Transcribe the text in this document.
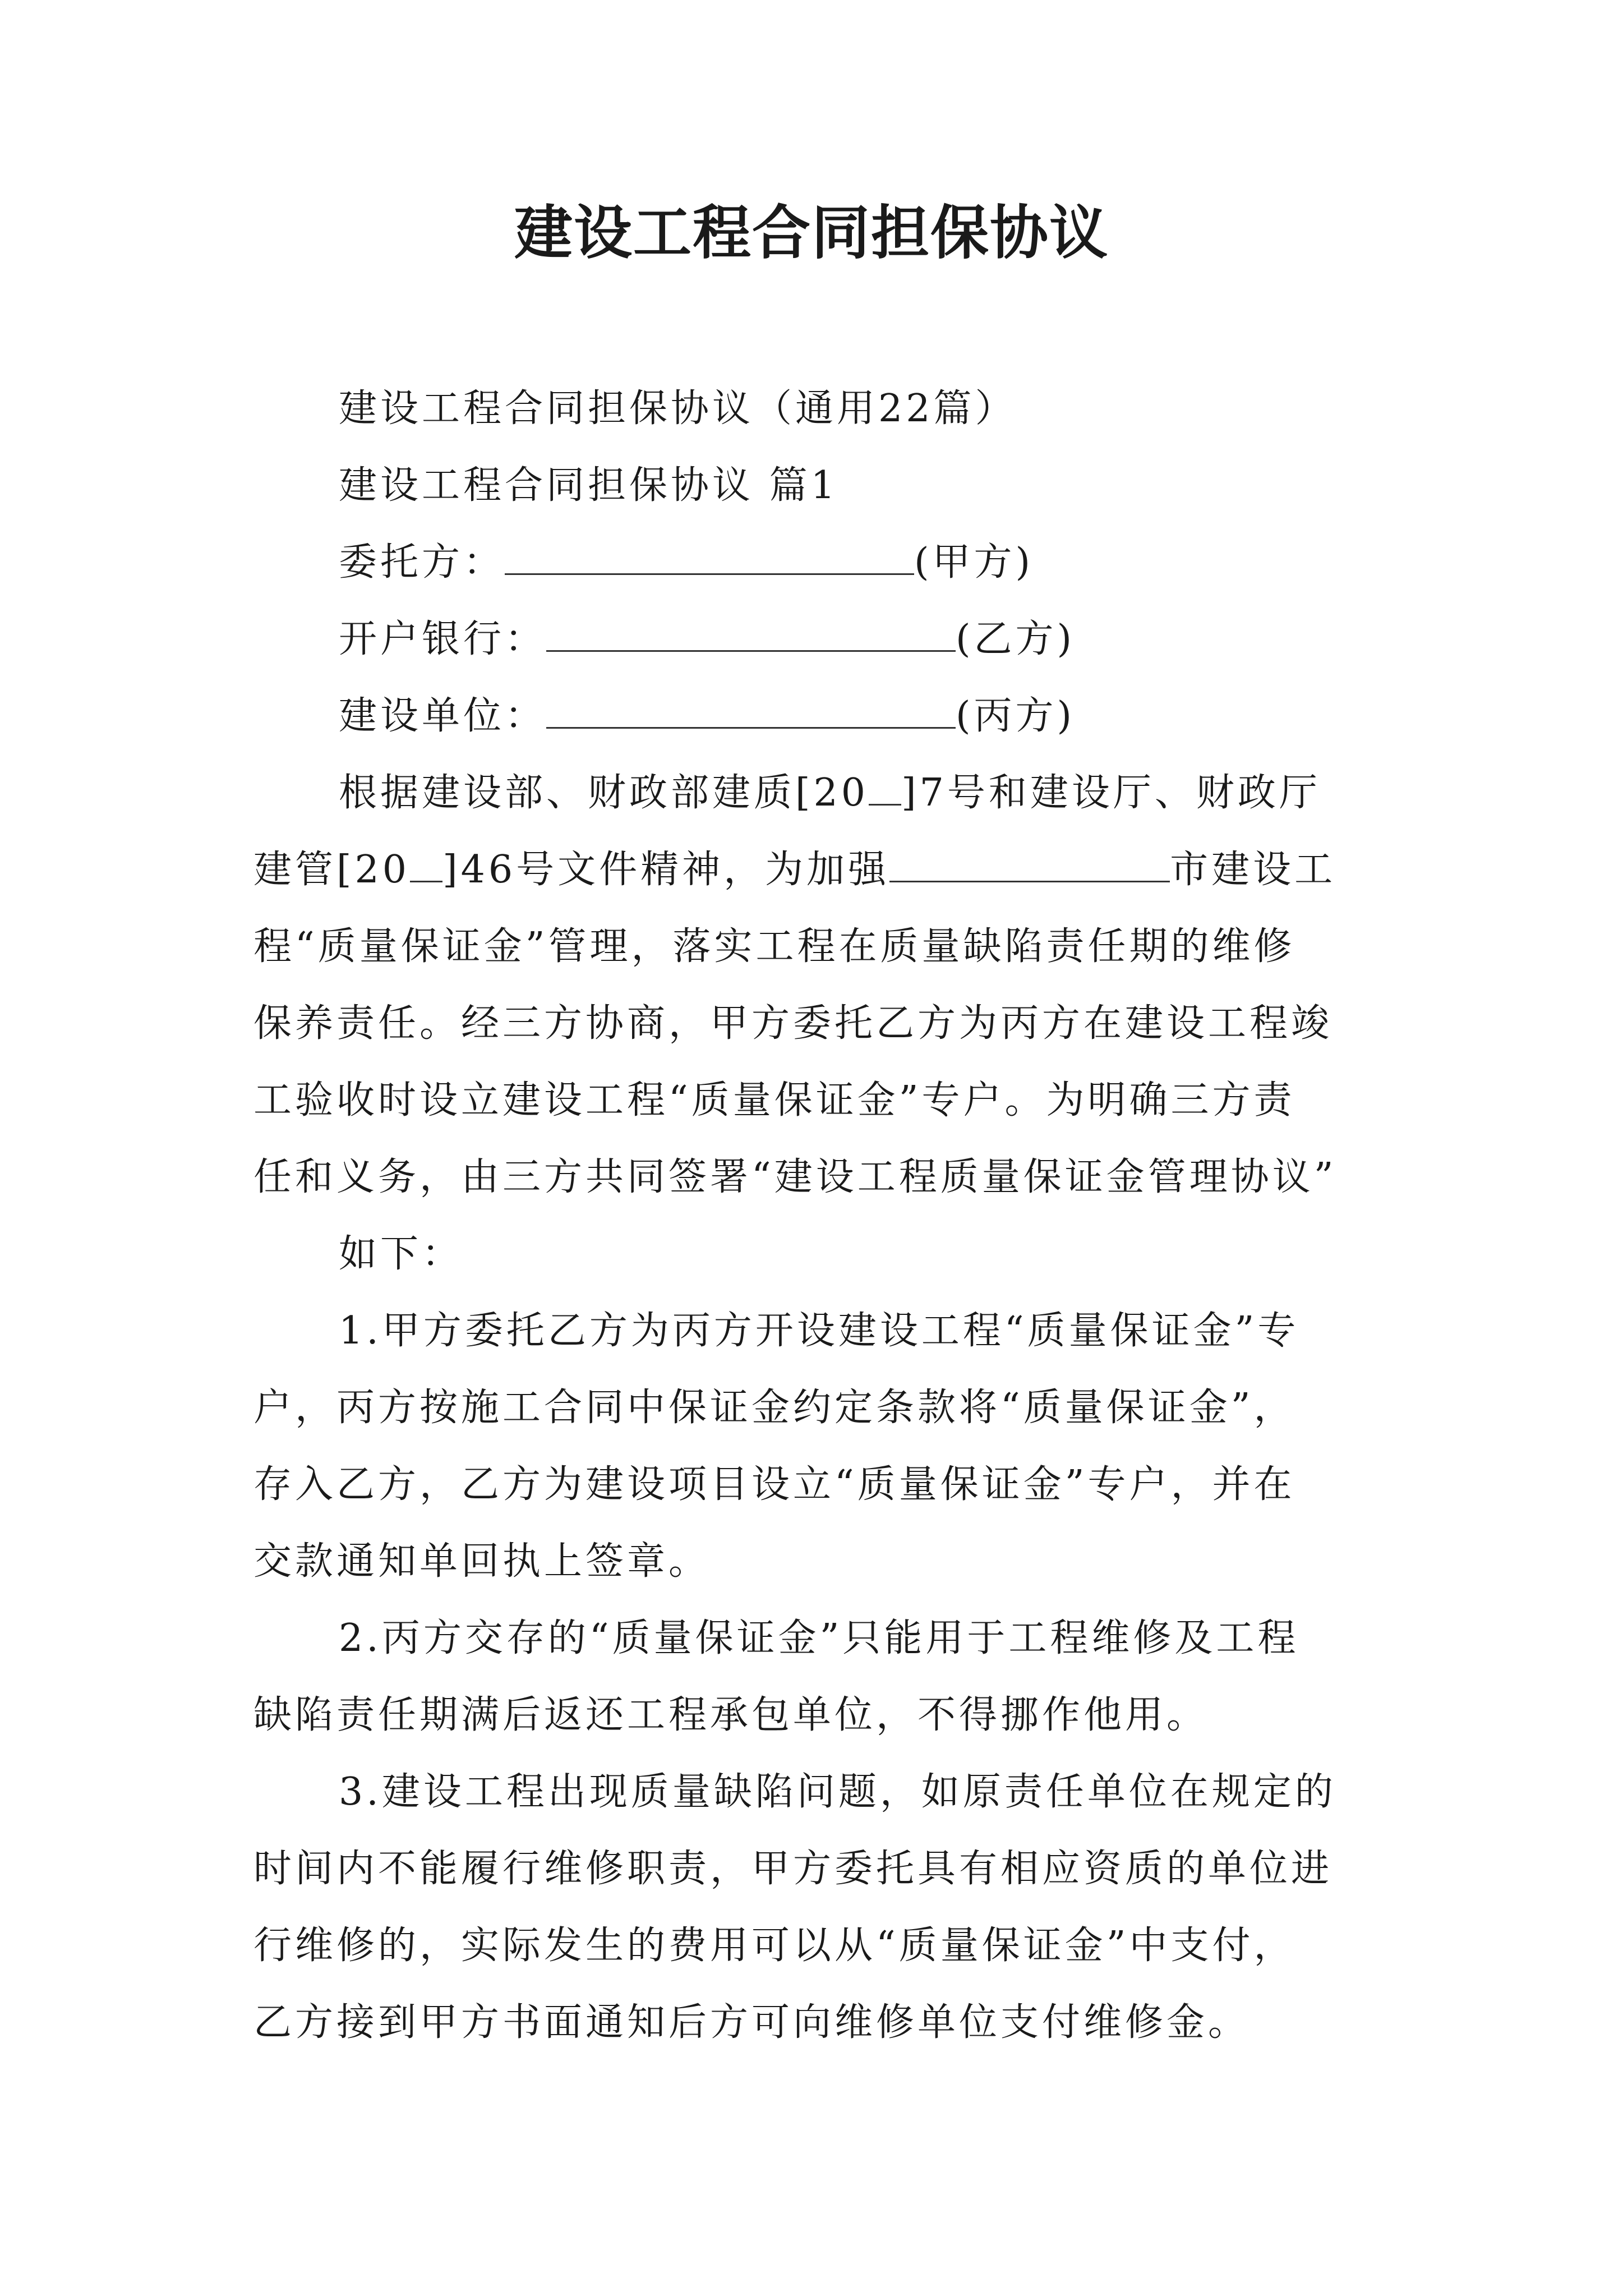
建设工程合同担保协议
建设工程合同担保协议（通用22篇）
建设工程合同担保协议 篇1
委托方：	(甲方)
开户银行：	(乙方)
建设单位：	(丙方)
根据建设部、财政部建质[20 ]7号和建设厅、财政厅
建管[20 ]46号文件精神，为加强	市建设工
程“质量保证金”管理，落实工程在质量缺陷责任期的维修
保养责任。经三方协商，甲方委托乙方为丙方在建设工程竣
工验收时设立建设工程“质量保证金”专户。为明确三方责
任和义务，由三方共同签署“建设工程质量保证金管理协议”
如下：
1.甲方委托乙方为丙方开设建设工程“质量保证金”专
户，丙方按施工合同中保证金约定条款将“质量保证金”，
存入乙方，乙方为建设项目设立“质量保证金”专户，并在
交款通知单回执上签章。
2.丙方交存的“质量保证金”只能用于工程维修及工程
缺陷责任期满后返还工程承包单位，不得挪作他用。
3.建设工程出现质量缺陷问题，如原责任单位在规定的
时间内不能履行维修职责，甲方委托具有相应资质的单位进
行维修的，实际发生的费用可以从“质量保证金”中支付，
乙方接到甲方书面通知后方可向维修单位支付维修金。
